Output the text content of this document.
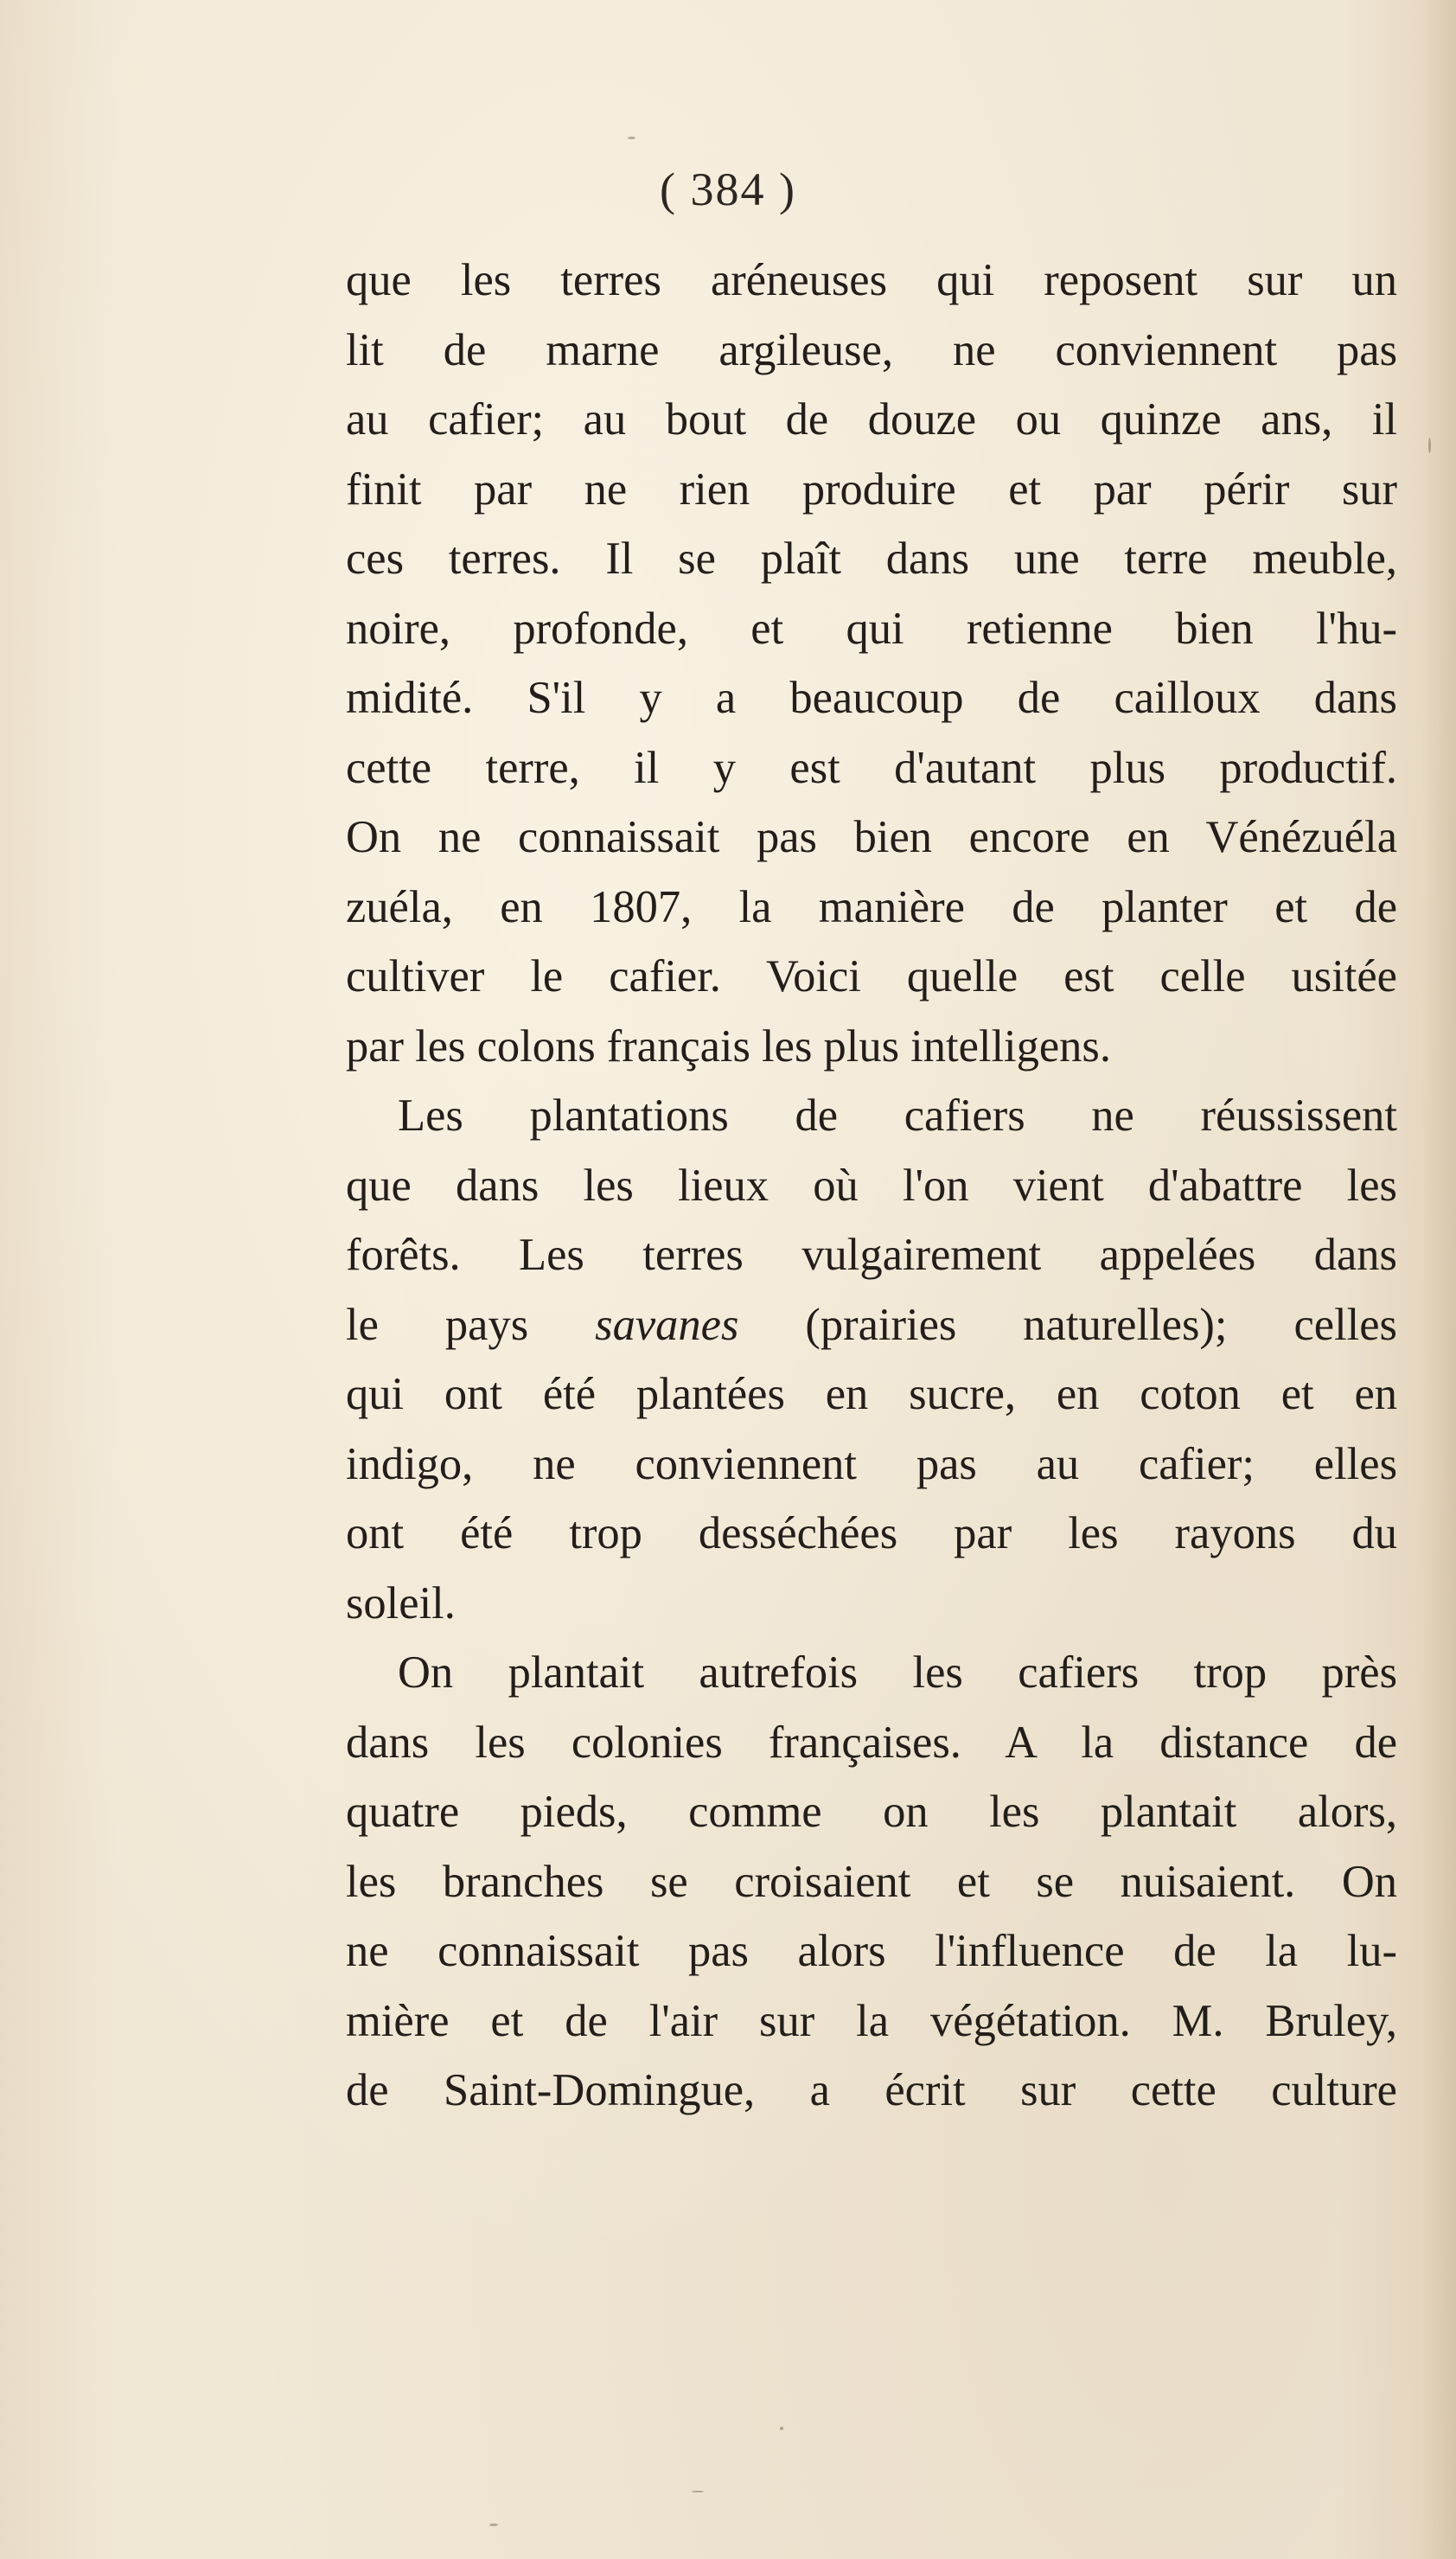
( 384 )
que les terres aréneuses qui reposent sur un
lit de marne argileuse, ne conviennent pas
au cafier; au bout de douze ou quinze ans, il
finit par ne rien produire et par périr sur
ces terres. Il se plaît dans une terre meuble,
noire, profonde, et qui retienne bien l'hu-
midité. S'il y a beaucoup de cailloux dans
cette terre, il y est d'autant plus productif.
On ne connaissait pas bien encore en Vénézuéla
zuéla, en 1807, la manière de planter et de
cultiver le cafier. Voici quelle est celle usitée
par les colons français les plus intelligens.
Les plantations de cafiers ne réussissent
que dans les lieux où l'on vient d'abattre les
forêts. Les terres vulgairement appelées dans
le pays savanes (prairies naturelles); celles
qui ont été plantées en sucre, en coton et en
indigo, ne conviennent pas au cafier; elles
ont été trop desséchées par les rayons du
soleil.
On plantait autrefois les cafiers trop près
dans les colonies françaises. A la distance de
quatre pieds, comme on les plantait alors,
les branches se croisaient et se nuisaient. On
ne connaissait pas alors l'influence de la lu-
mière et de l'air sur la végétation. M. Bruley,
de Saint-Domingue, a écrit sur cette culture
